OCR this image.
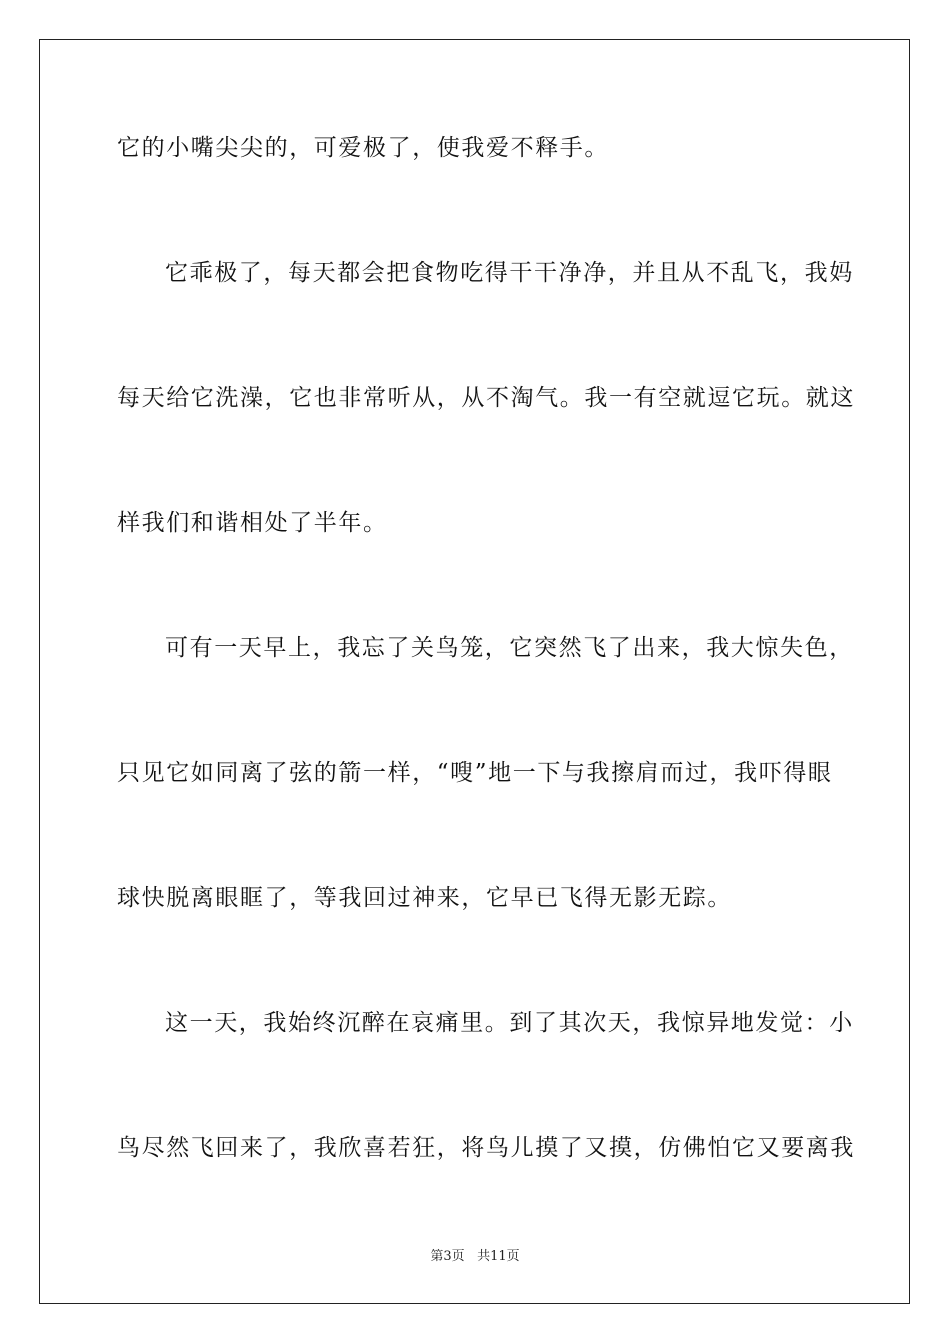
它的小嘴尖尖的，可爱极了，使我爱不释手。
它乖极了，每天都会把食物吃得干干净净，并且从不乱飞，我妈
每天给它洗澡，它也非常听从，从不淘气。我一有空就逗它玩。就这
样我们和谐相处了半年。
可有一天早上，我忘了关鸟笼，它突然飞了出来，我大惊失色，
只见它如同离了弦的箭一样，“嗖”地一下与我擦肩而过，我吓得眼
球快脱离眼眶了，等我回过神来，它早已飞得无影无踪。
这一天，我始终沉醉在哀痛里。到了其次天，我惊异地发觉：小
鸟尽然飞回来了，我欣喜若狂，将鸟儿摸了又摸，仿佛怕它又要离我
第3页 共11页
